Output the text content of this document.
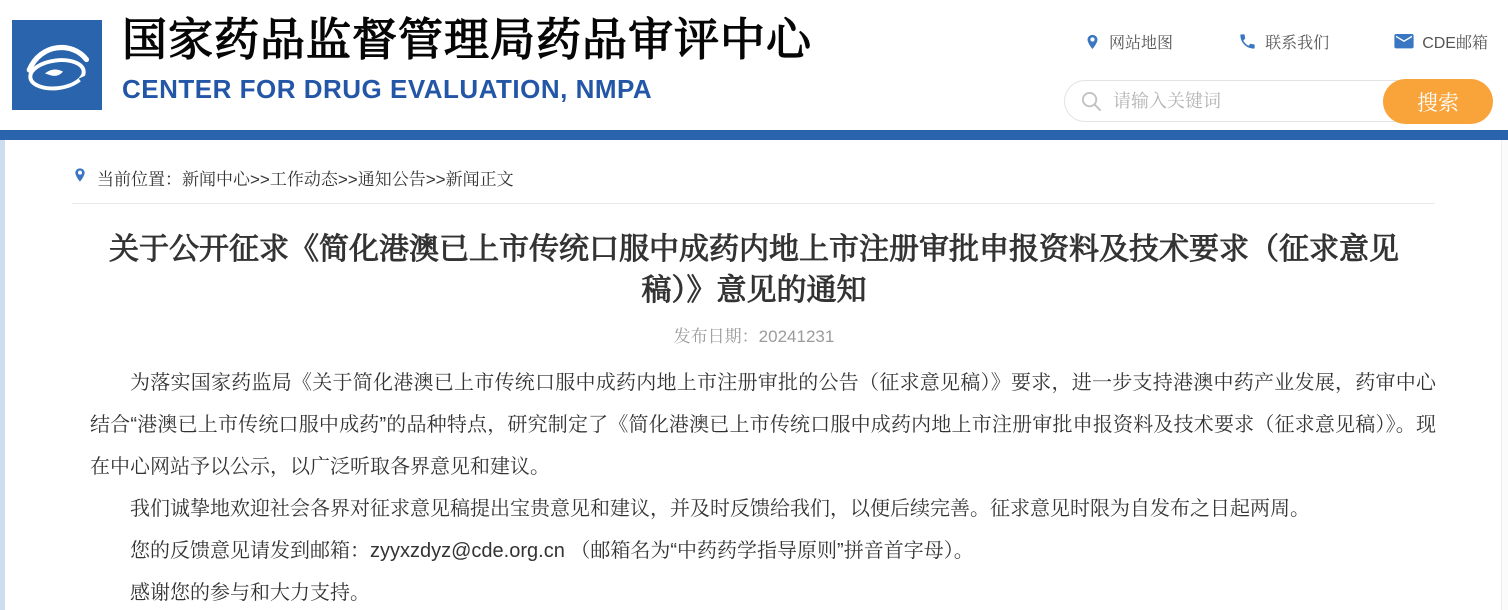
国家药品监督管理局药品审评中心
CENTER FOR DRUG EVALUATION, NMPA
网站地图	联系我们	CDE邮箱
请输入关键词
搜索
当前位置： 新闻中心>>工作动态>>通知公告>>新闻正文
关于公开征求《简化港澳已上市传统口服中成药内地上市注册审批申报资料及技术要求（征求意见稿）》意见的通知
发布日期：20241231

为落实国家药监局《关于简化港澳已上市传统口服中成药内地上市注册审批的公告（征求意见稿）》要求，进一步支持港澳中药产业发展，药审中心结合“港澳已上市传统口服中成药”的品种特点，研究制定了《简化港澳已上市传统口服中成药内地上市注册审批申报资料及技术要求（征求意见稿）》。现在中心网站予以公示，以广泛听取各界意见和建议。

我们诚挚地欢迎社会各界对征求意见稿提出宝贵意见和建议，并及时反馈给我们，以便后续完善。征求意见时限为自发布之日起两周。

您的反馈意见请发到邮箱：zyyxzdyz@cde.org.cn （邮箱名为“中药药学指导原则”拼音首字母）。

感谢您的参与和大力支持。
